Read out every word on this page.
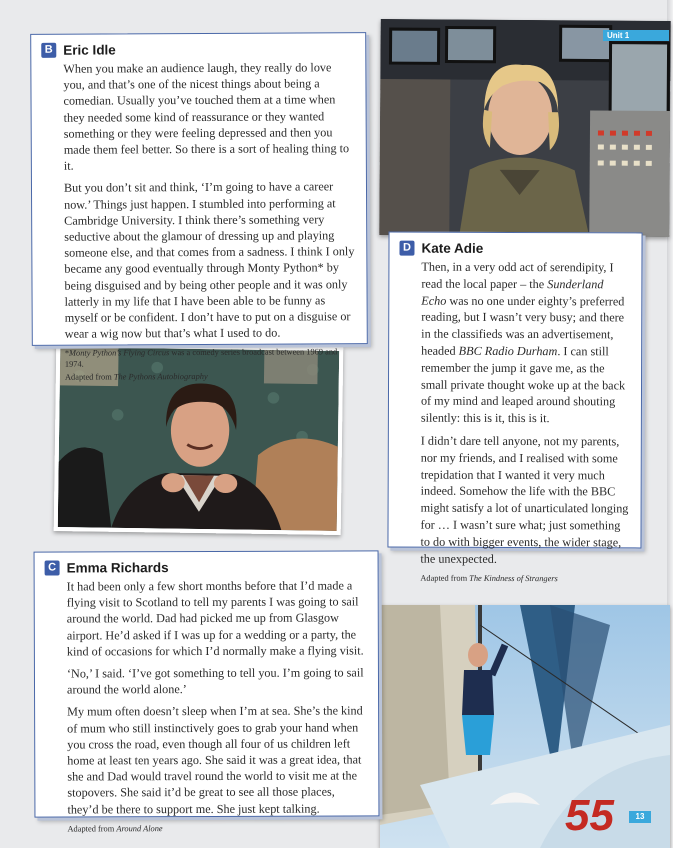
55
Unit 1
B Eric Idle

When you make an audience laugh, they really do love you, and that’s one of the nicest things about being a comedian. Usually you’ve touched them at a time when they needed some kind of reassurance or they wanted something or they were feeling depressed and then you made them feel better. So there is a sort of healing thing to it.

But you don’t sit and think, ‘I’m going to have a career now.’ Things just happen. I stumbled into performing at Cambridge University. I think there’s something very seductive about the glamour of dressing up and playing someone else, and that comes from a sadness. I think I only became any good eventually through Monty Python* by being disguised and by being other people and it was only latterly in my life that I have been able to be funny as myself or be confident. I don’t have to put on a disguise or wear a wig now but that’s what I used to do.

*Monty Python’s Flying Circus was a comedy series broadcast between 1969 and 1974.

Adapted from The Pythons Autobiography

D Kate Adie

Then, in a very odd act of serendipity, I read the local paper – the Sunderland Echo was no one under eighty’s preferred reading, but I wasn’t very busy; and there in the classifieds was an advertisement, headed BBC Radio Durham. I can still remember the jump it gave me, as the small private thought woke up at the back of my mind and leaped around shouting silently: this is it, this is it.

I didn’t dare tell anyone, not my parents, nor my friends, and I realised with some trepidation that I wanted it very much indeed. Somehow the life with the BBC might satisfy a lot of unarticulated longing for … I wasn’t sure what; just something to do with bigger events, the wider stage, the unexpected.

Adapted from The Kindness of Strangers

C Emma Richards

It had been only a few short months before that I’d made a flying visit to Scotland to tell my parents I was going to sail around the world. Dad had picked me up from Glasgow airport. He’d asked if I was up for a wedding or a party, the kind of occasions for which I’d normally make a flying visit.

‘No,’ I said. ‘I’ve got something to tell you. I’m going to sail around the world alone.’

My mum often doesn’t sleep when I’m at sea. She’s the kind of mum who still instinctively goes to grab your hand when you cross the road, even though all four of us children left home at least ten years ago. She said it was a great idea, that she and Dad would travel round the world to visit me at the stopovers. She said it’d be great to see all those places, they’d be there to support me. She just kept talking.

Adapted from Around Alone

13
